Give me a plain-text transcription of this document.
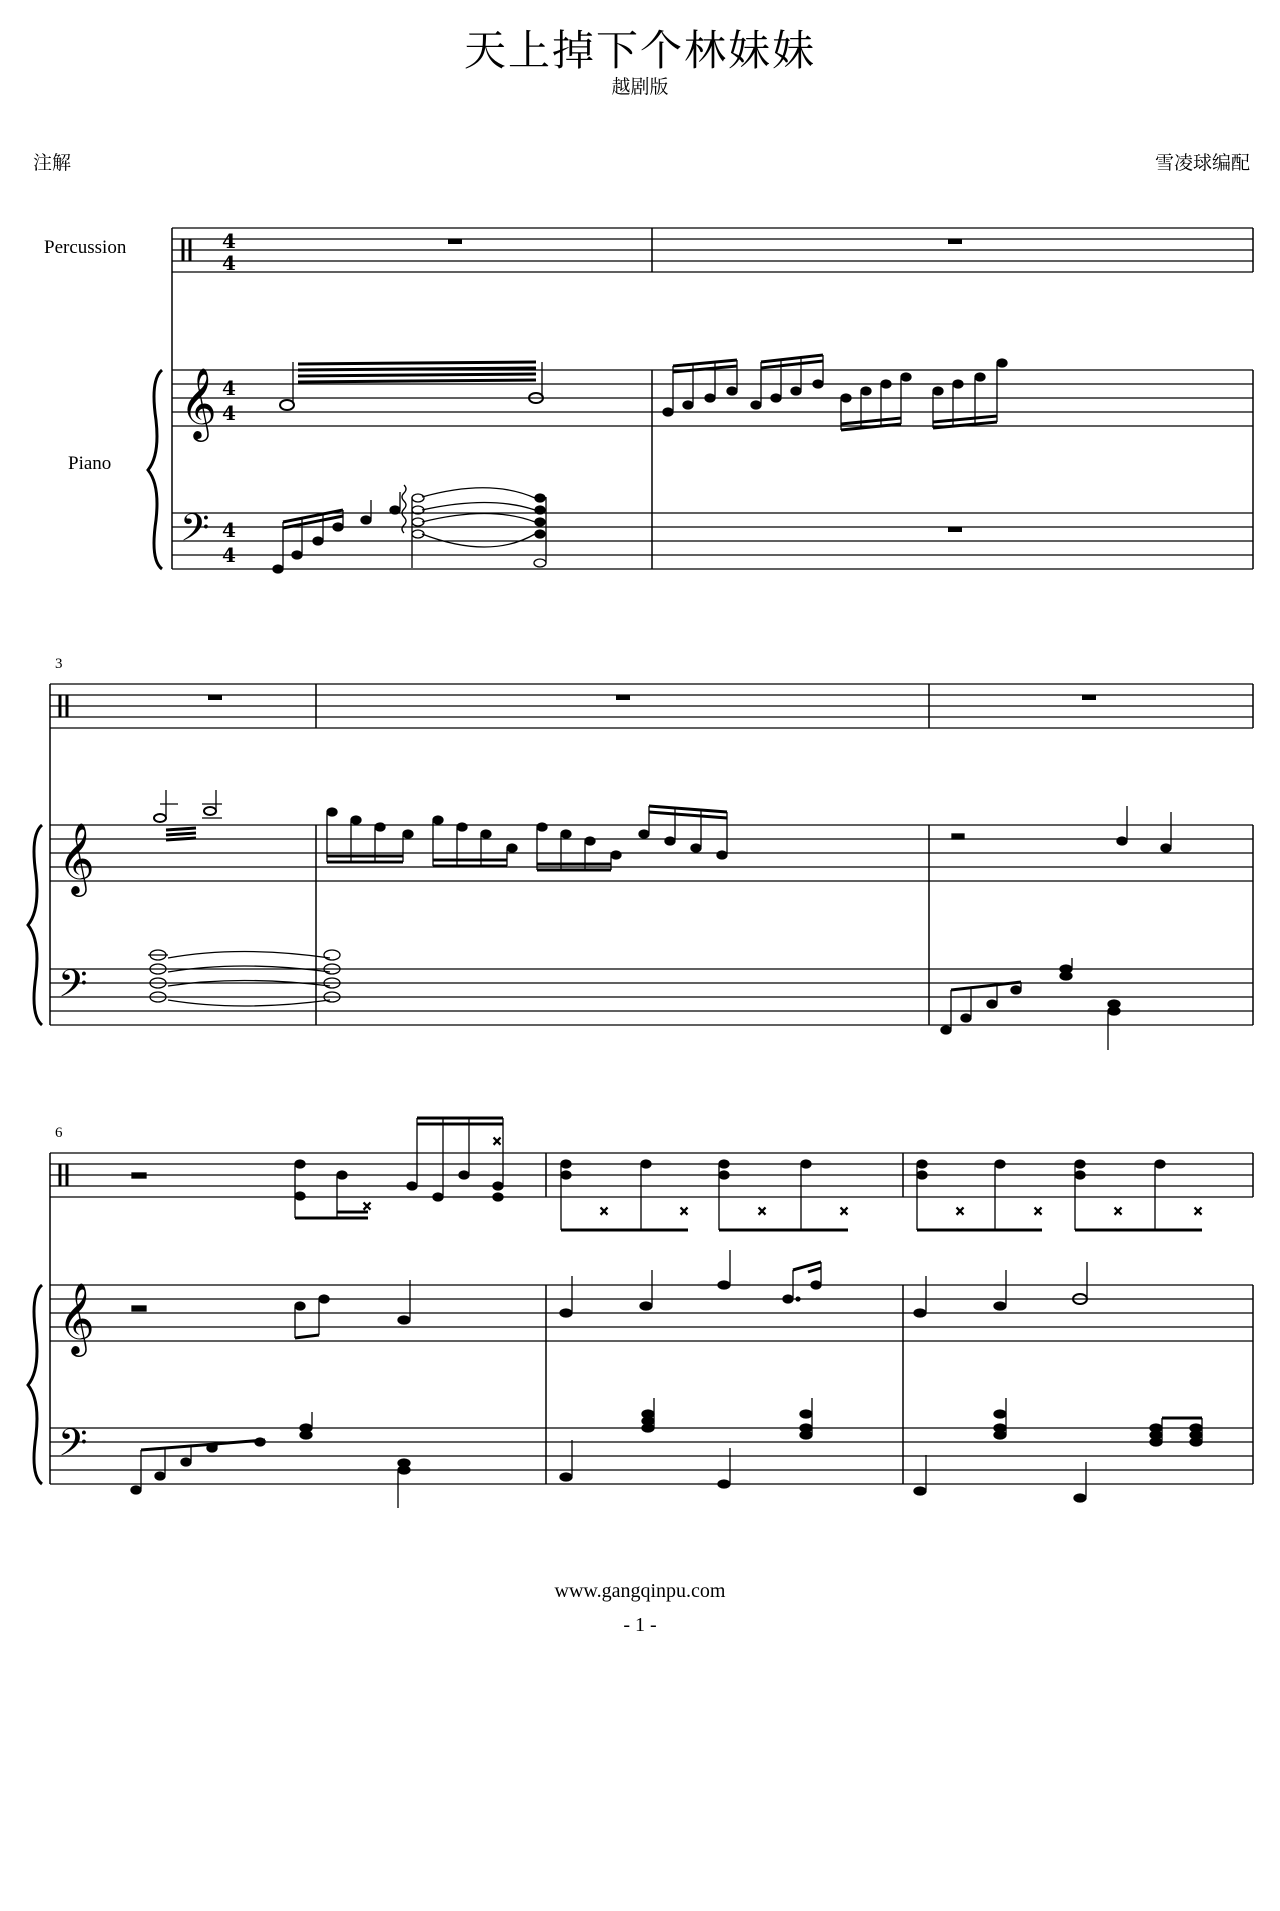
天上掉下个林妹妹
越剧版
注解	雪凌球编配
Percussion
Piano
𝄞
𝄢
4
4
4
4
4
4
3
𝄞
𝄢
6
𝄞
𝄢
×
×
×	×	×	×	×	×	×	×
www.gangqinpu.com
- 1 -
